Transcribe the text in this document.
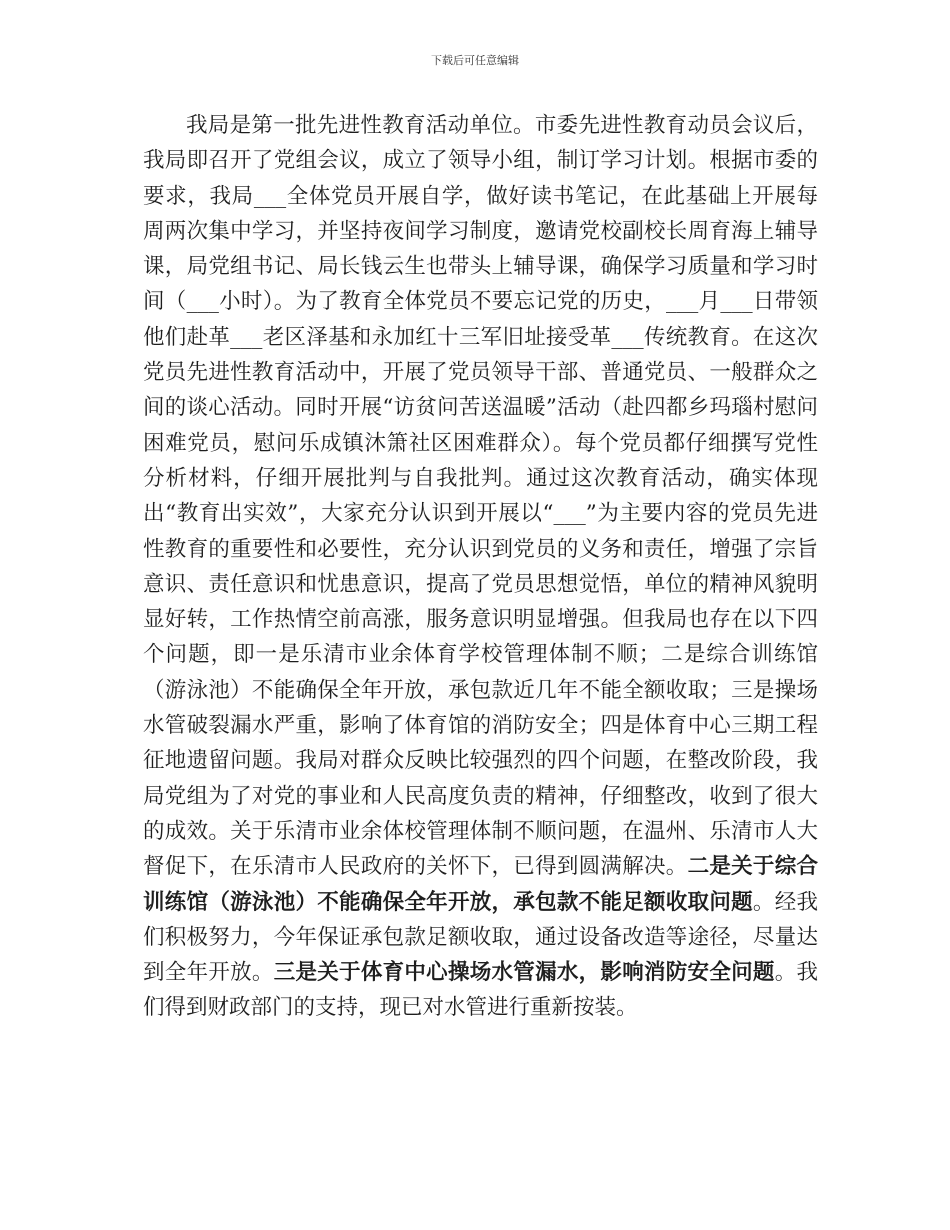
下载后可任意编辑

我局是第一批先进性教育活动单位。市委先进性教育动员会议后，我局即召开了党组会议，成立了领导小组，制订学习计划。根据市委的要求，我局___全体党员开展自学，做好读书笔记，在此基础上开展每周两次集中学习，并坚持夜间学习制度，邀请党校副校长周育海上辅导课，局党组书记、局长钱云生也带头上辅导课，确保学习质量和学习时间（___小时）。为了教育全体党员不要忘记党的历史，___月___日带领他们赴革___老区泽基和永加红十三军旧址接受革___传统教育。在这次党员先进性教育活动中，开展了党员领导干部、普通党员、一般群众之间的谈心活动。同时开展“访贫问苦送温暖”活动（赴四都乡玛瑙村慰问困难党员，慰问乐成镇沐箫社区困难群众）。每个党员都仔细撰写党性分析材料，仔细开展批判与自我批判。通过这次教育活动，确实体现出“教育出实效”，大家充分认识到开展以“___”为主要内容的党员先进性教育的重要性和必要性，充分认识到党员的义务和责任，增强了宗旨意识、责任意识和忧患意识，提高了党员思想觉悟，单位的精神风貌明显好转，工作热情空前高涨，服务意识明显增强。但我局也存在以下四个问题，即一是乐清市业余体育学校管理体制不顺；二是综合训练馆（游泳池）不能确保全年开放，承包款近几年不能全额收取；三是操场水管破裂漏水严重，影响了体育馆的消防安全；四是体育中心三期工程征地遗留问题。我局对群众反映比较强烈的四个问题，在整改阶段，我局党组为了对党的事业和人民高度负责的精神，仔细整改，收到了很大的成效。关于乐清市业余体校管理体制不顺问题，在温州、乐清市人大督促下，在乐清市人民政府的关怀下，已得到圆满解决。二是关于综合训练馆（游泳池）不能确保全年开放，承包款不能足额收取问题。经我们积极努力，今年保证承包款足额收取，通过设备改造等途径，尽量达到全年开放。三是关于体育中心操场水管漏水，影响消防安全问题。我们得到财政部门的支持，现已对水管进行重新按装。
